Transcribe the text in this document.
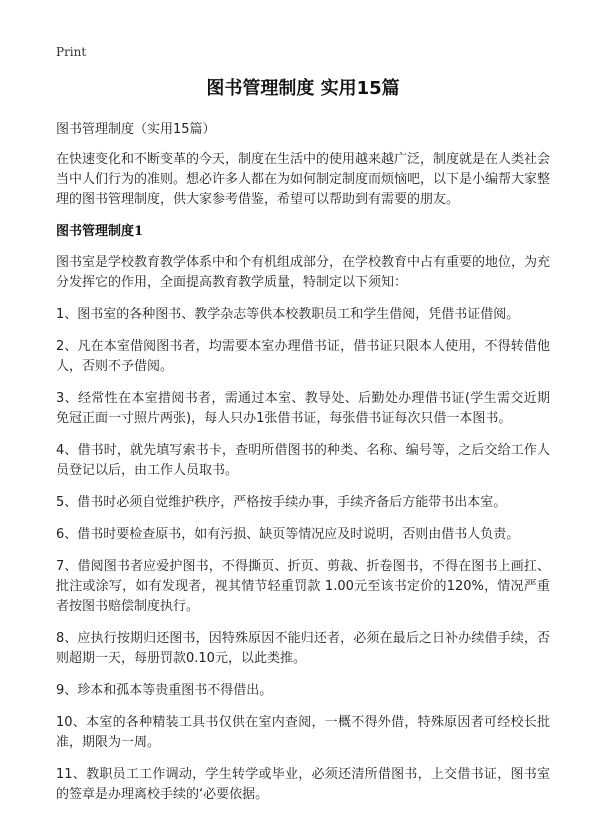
Print
图书管理制度 实用15篇
图书管理制度（实用15篇）

在快速变化和不断变革的今天，制度在生活中的使用越来越广泛，制度就是在人类社会当中人们行为的准则。想必许多人都在为如何制定制度而烦恼吧，以下是小编帮大家整理的图书管理制度，供大家参考借鉴，希望可以帮助到有需要的朋友。

图书管理制度1

图书室是学校教育教学体系中和个有机组成部分，在学校教育中占有重要的地位，为充分发挥它的作用，全面提高教育教学质量，特制定以下须知：

1、图书室的各种图书、教学杂志等供本校教职员工和学生借阅，凭借书证借阅。

2、凡在本室借阅图书者，均需要本室办理借书证，借书证只限本人使用，不得转借他人，否则不予借阅。

3、经常性在本室措阅书者，需通过本室、教导处、后勤处办理借书证(学生需交近期免冠正面一寸照片两张)，每人只办1张借书证，每张借书证每次只借一本图书。

4、借书时，就先填写索书卡，查明所借图书的种类、名称、编号等，之后交给工作人员登记以后，由工作人员取书。

5、借书时必须自觉维护秩序，严格按手续办事，手续齐备后方能带书出本室。

6、借书时要检查原书，如有污损、缺页等情况应及时说明，否则由借书人负责。

7、借阅图书者应爱护图书，不得撕页、折页、剪裁、折卷图书，不得在图书上画扛、批注或涂写，如有发现者，视其情节轻重罚款 1.00元至该书定价的120%，情况严重者按图书赔偿制度执行。

8、应执行按期归还图书，因特殊原因不能归还者，必须在最后之日补办续借手续，否则超期一天，每册罚款0.10元，以此类推。

9、珍本和孤本等贵重图书不得借出。

10、本室的各种精装工具书仅供在室内查阅，一概不得外借，特殊原因者可经校长批准，期限为一周。

11、教职员工工作调动，学生转学或毕业，必须还清所借图书，上交借书证，图书室的签章是办理离校手续的‘必要依据。
